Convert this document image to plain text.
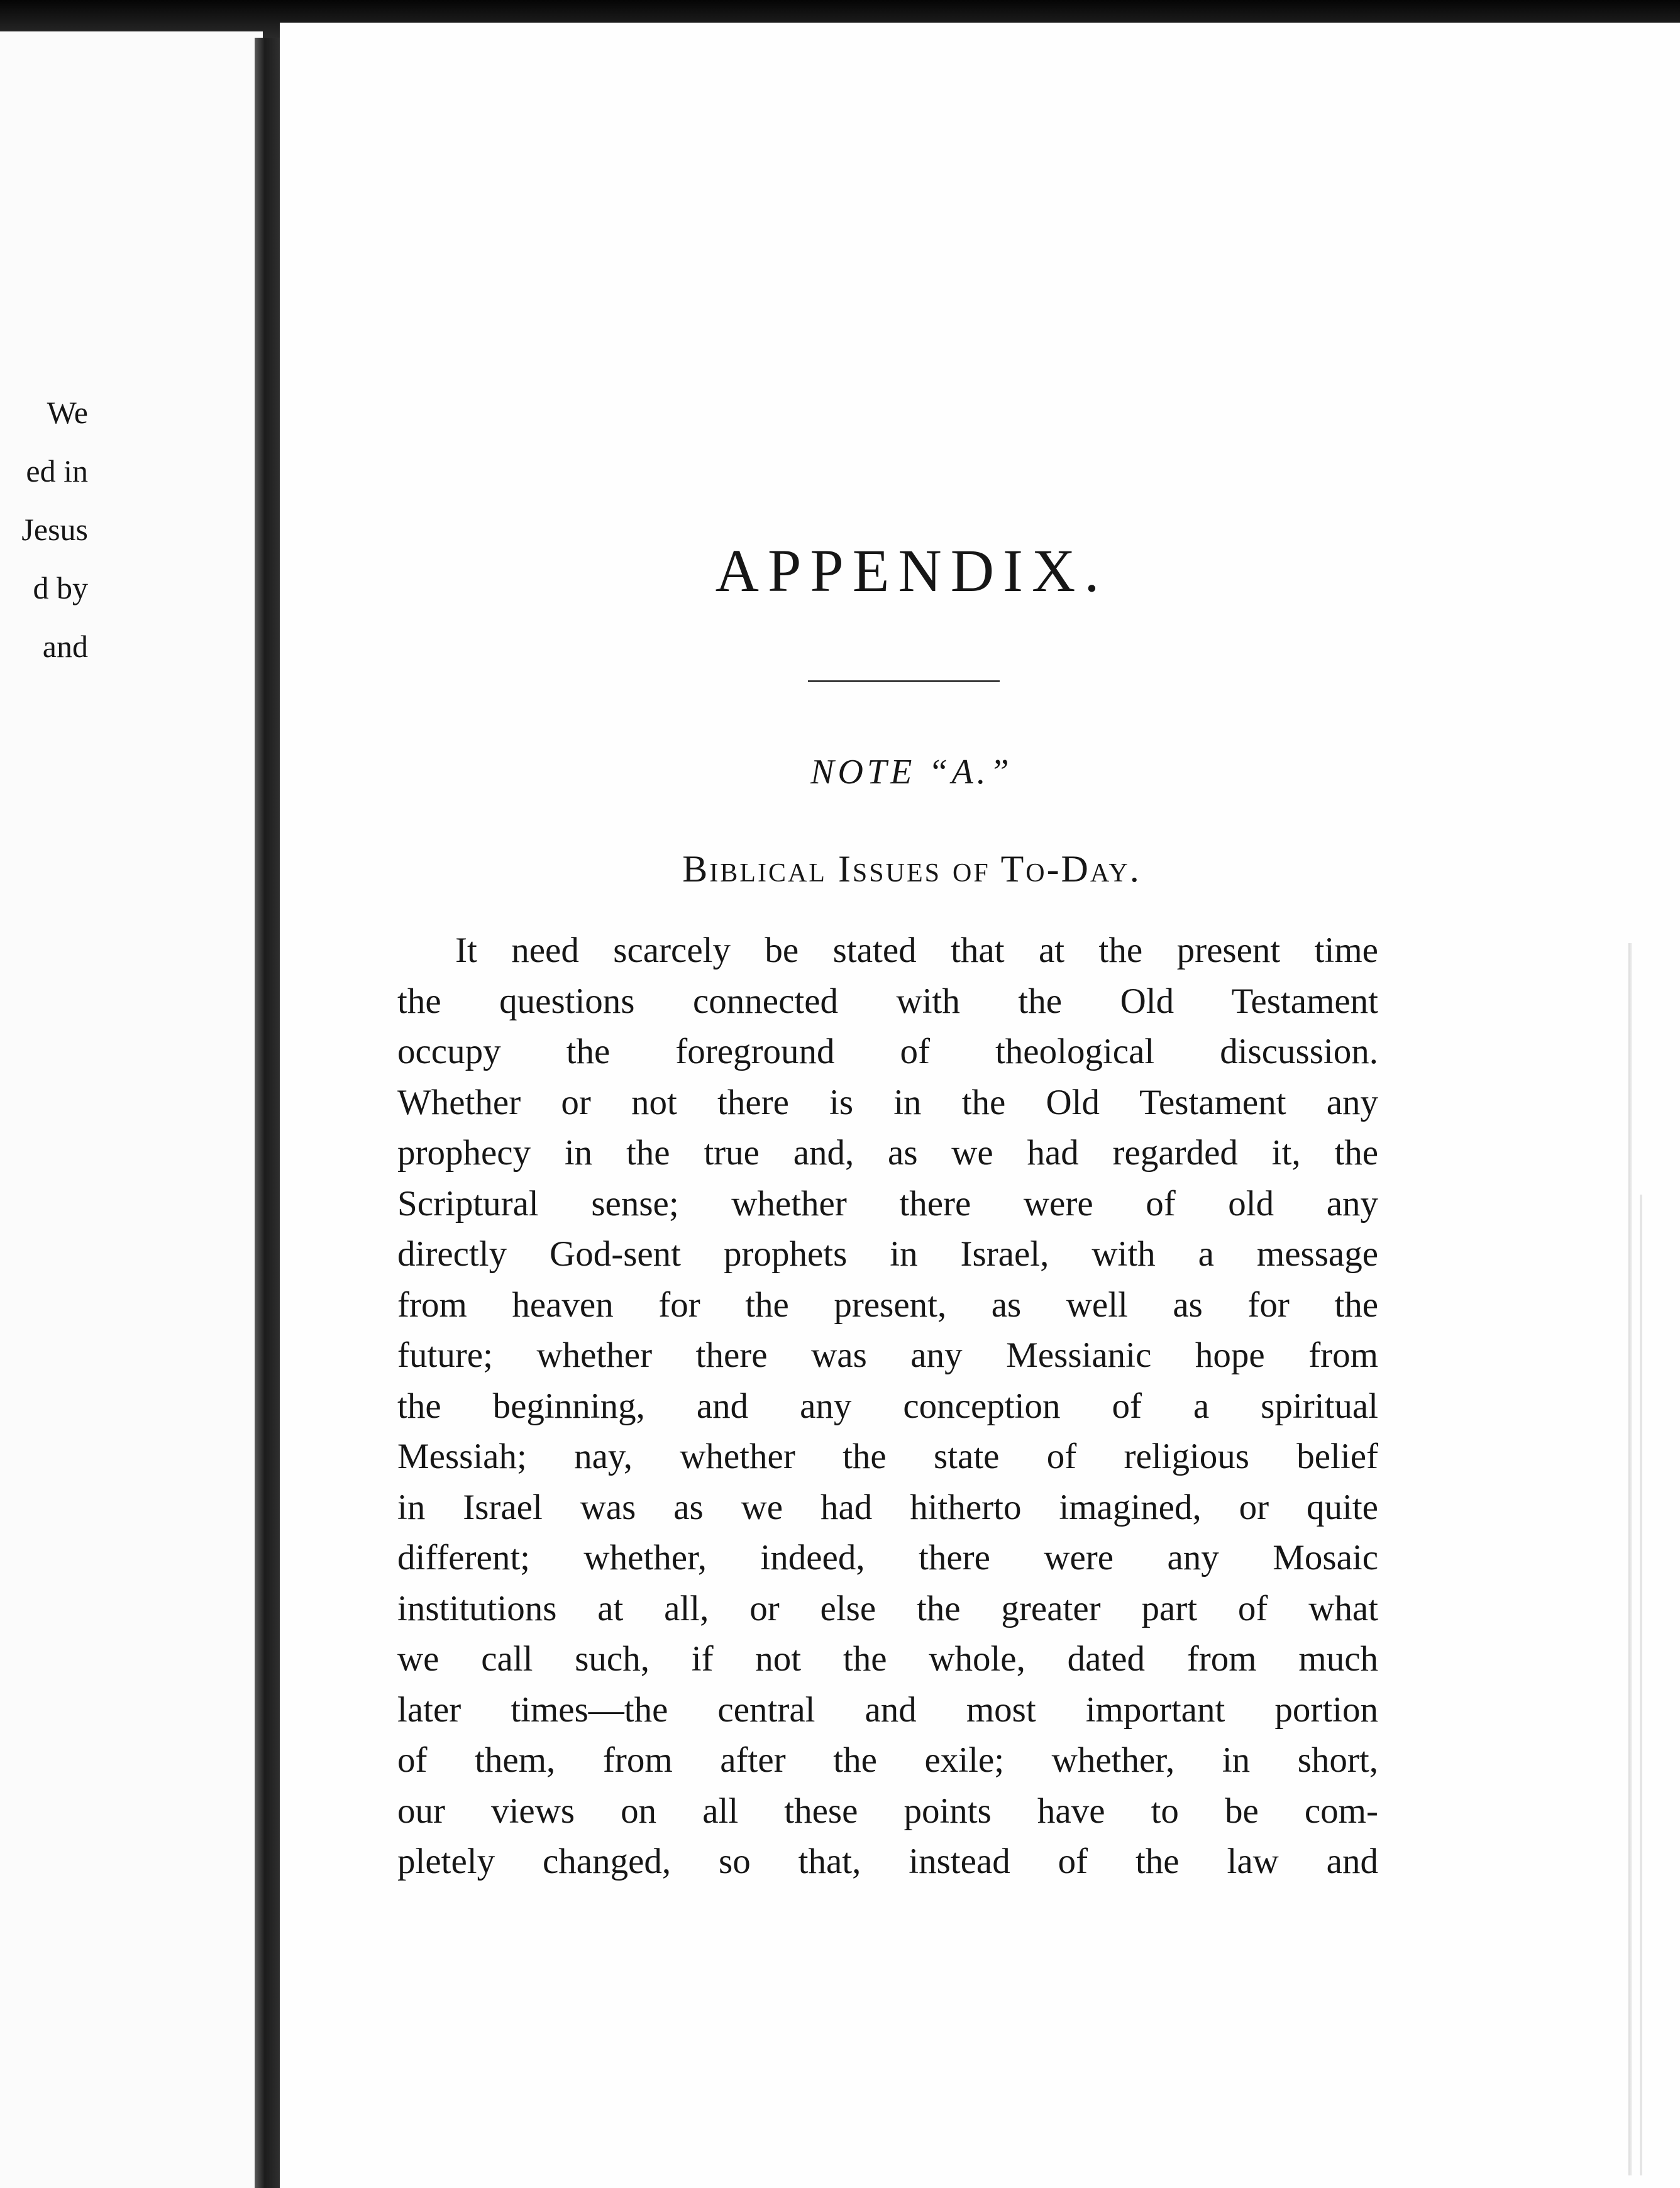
We
ed in
Jesus
d by
and
APPENDIX.
NOTE “A.”
Biblical Issues of To-Day.
It need scarcely be stated that at the present time
the questions connected with the Old Testament
occupy the foreground of theological discussion.
Whether or not there is in the Old Testament any
prophecy in the true and, as we had regarded it, the
Scriptural sense; whether there were of old any
directly God-sent prophets in Israel, with a message
from heaven for the present, as well as for the
future; whether there was any Messianic hope from
the beginning, and any conception of a spiritual
Messiah; nay, whether the state of religious belief
in Israel was as we had hitherto imagined, or quite
different; whether, indeed, there were any Mosaic
institutions at all, or else the greater part of what
we call such, if not the whole, dated from much
later times—the central and most important portion
of them, from after the exile; whether, in short,
our views on all these points have to be com-
pletely changed, so that, instead of the law and
